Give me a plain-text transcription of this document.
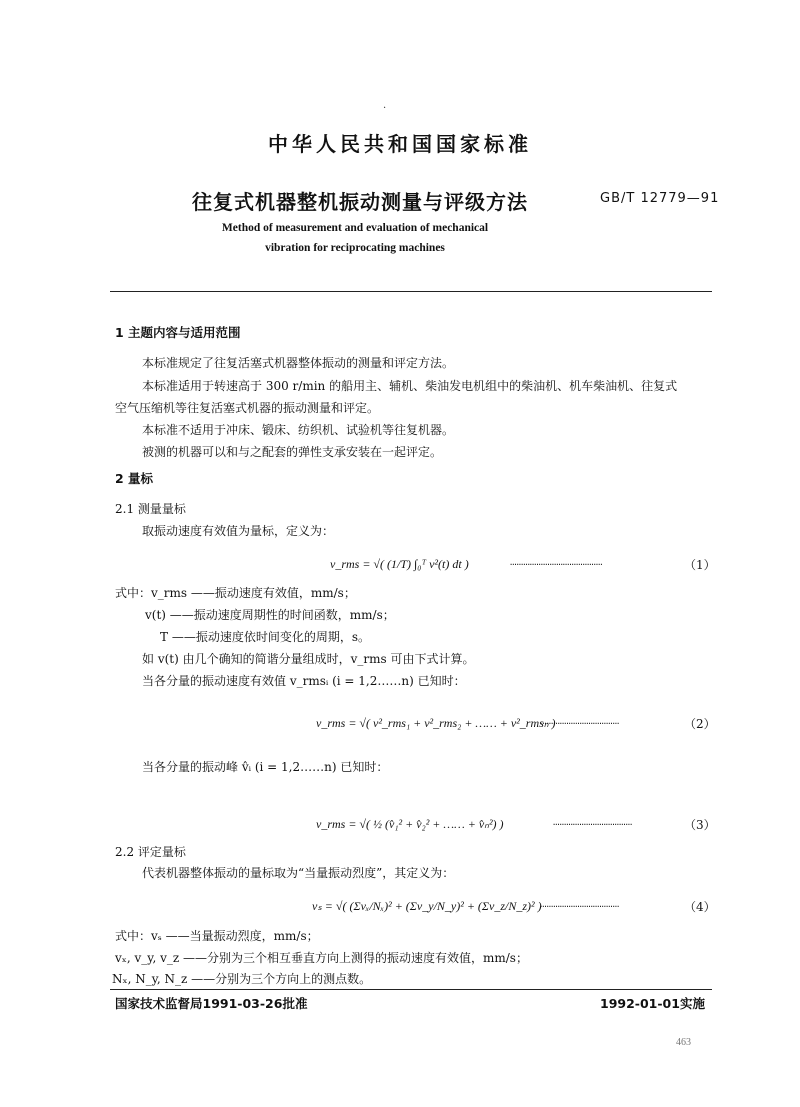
.
中华人民共和国国家标准
往复式机器整机振动测量与评级方法	GB/T 12779—91
Method of measurement and evaluation of mechanical
vibration for reciprocating machines
1 主题内容与适用范围
本标准规定了往复活塞式机器整体振动的测量和评定方法。
本标准适用于转速高于 300 r/min 的船用主、辅机、柴油发电机组中的柴油机、机车柴油机、往复式
空气压缩机等往复活塞式机器的振动测量和评定。
本标准不适用于冲床、锻床、纺织机、试验机等往复机器。
被测的机器可以和与之配套的弹性支承安装在一起评定。
2 量标
2.1 测量量标
取振动速度有效值为量标，定义为：
v_rms = √( (1/T) ∫₀ᵀ v²(t) dt )	……………………………………	（1）
式中：v_rms ——振动速度有效值，mm/s；
v(t) ——振动速度周期性的时间函数，mm/s；
T ——振动速度依时间变化的周期，s。
如 v(t) 由几个确知的简谐分量组成时，v_rms 可由下式计算。
当各分量的振动速度有效值 v_rmsᵢ (i = 1,2……n) 已知时：
v_rms = √( v²_rms₁ + v²_rms₂ + …… + v²_rmsₙ )
………………………………	（2）
当各分量的振动峰 v̂ᵢ (i = 1,2……n) 已知时：
v_rms = √( ½ (v̂₁² + v̂₂² + …… + v̂ₙ²) )	………………………………	（3）
2.2 评定量标
代表机器整体振动的量标取为“当量振动烈度”，其定义为：
vₛ = √( (Σvₓ/Nₓ)² + (Σv_y/N_y)² + (Σv_z/N_z)² )
………………………………	（4）
式中：vₛ ——当量振动烈度，mm/s；
vₓ, v_y, v_z ——分别为三个相互垂直方向上测得的振动速度有效值，mm/s；
Nₓ, N_y, N_z ——分别为三个方向上的测点数。
国家技术监督局1991-03-26批准	1992-01-01实施
463
